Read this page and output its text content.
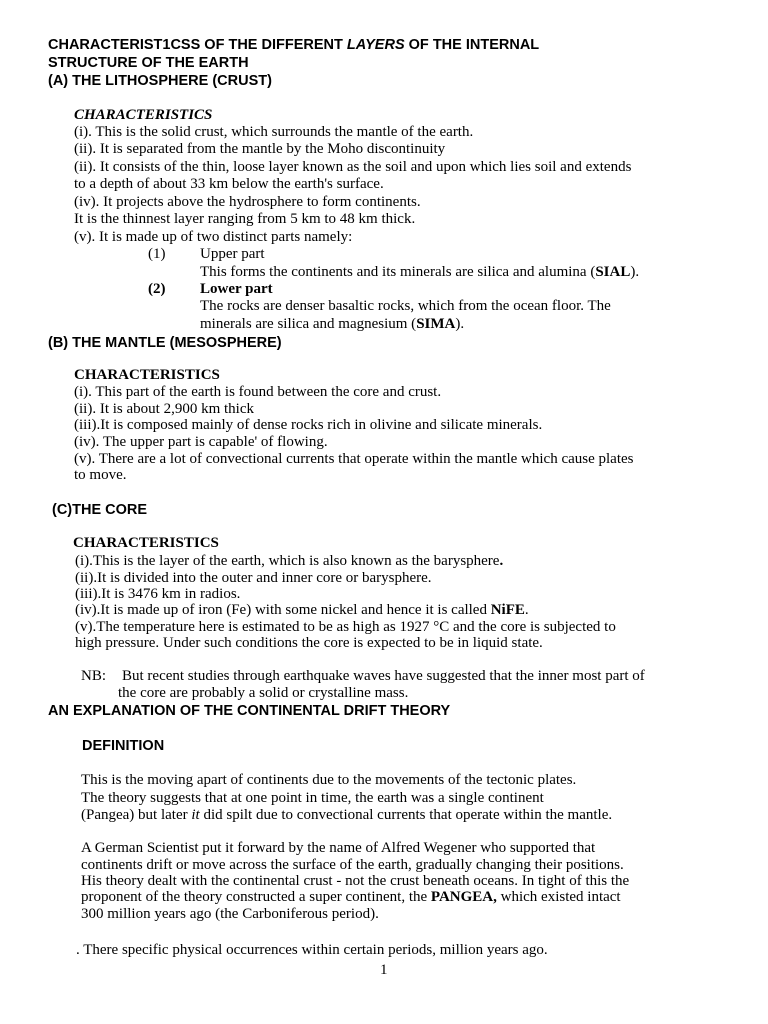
CHARACTERIST1CSS OF THE DIFFERENT LAYERS OF THE INTERNAL
STRUCTURE OF THE EARTH
(A) THE LITHOSPHERE (CRUST)
CHARACTERISTICS
(i). This is the solid crust, which surrounds the mantle of the earth.
(ii). It is separated from the mantle by the Moho discontinuity
(ii). It consists of the thin, loose layer known as the soil and upon which lies soil and extends
to a depth of about 33 km below the earth's surface.
(iv). It projects above the hydrosphere to form continents.
It is the thinnest layer ranging from 5 km to 48 km thick.
(v). It is made up of two distinct parts namely:
(1) Upper part
This forms the continents and its minerals are silica and alumina (SIAL).
(2) Lower part
The rocks are denser basaltic rocks, which from the ocean floor. The
minerals are silica and magnesium (SIMA).
(B) THE MANTLE (MESOSPHERE)
CHARACTERISTICS
(i). This part of the earth is found between the core and crust.
(ii). It is about 2,900 km thick
(iii).It is composed mainly of dense rocks rich in olivine and silicate minerals.
(iv). The upper part is capable' of flowing.
(v). There are a lot of convectional currents that operate within the mantle which cause plates
to move.
(C)THE CORE
CHARACTERISTICS
(i).This is the layer of the earth, which is also known as the barysphere.
(ii).It is divided into the outer and inner core or barysphere.
(iii).It is 3476 km in radios.
(iv).It is made up of iron (Fe) with some nickel and hence it is called NiFE.
(v).The temperature here is estimated to be as high as 1927 °C and the core is subjected to
high pressure. Under such conditions the core is expected to be in liquid state.
NB: But recent studies through earthquake waves have suggested that the inner most part of
the core are probably a solid or crystalline mass.
AN EXPLANATION OF THE CONTINENTAL DRIFT THEORY
DEFINITION
This is the moving apart of continents due to the movements of the tectonic plates.
The theory suggests that at one point in time, the earth was a single continent
(Pangea) but later it did spilt due to convectional currents that operate within the mantle.
A German Scientist put it forward by the name of Alfred Wegener who supported that
continents drift or move across the surface of the earth, gradually changing their positions.
His theory dealt with the continental crust - not the crust beneath oceans. In tight of this the
proponent of the theory constructed a super continent, the PANGEA, which existed intact
300 million years ago (the Carboniferous period).
. There specific physical occurrences within certain periods, million years ago.
1
